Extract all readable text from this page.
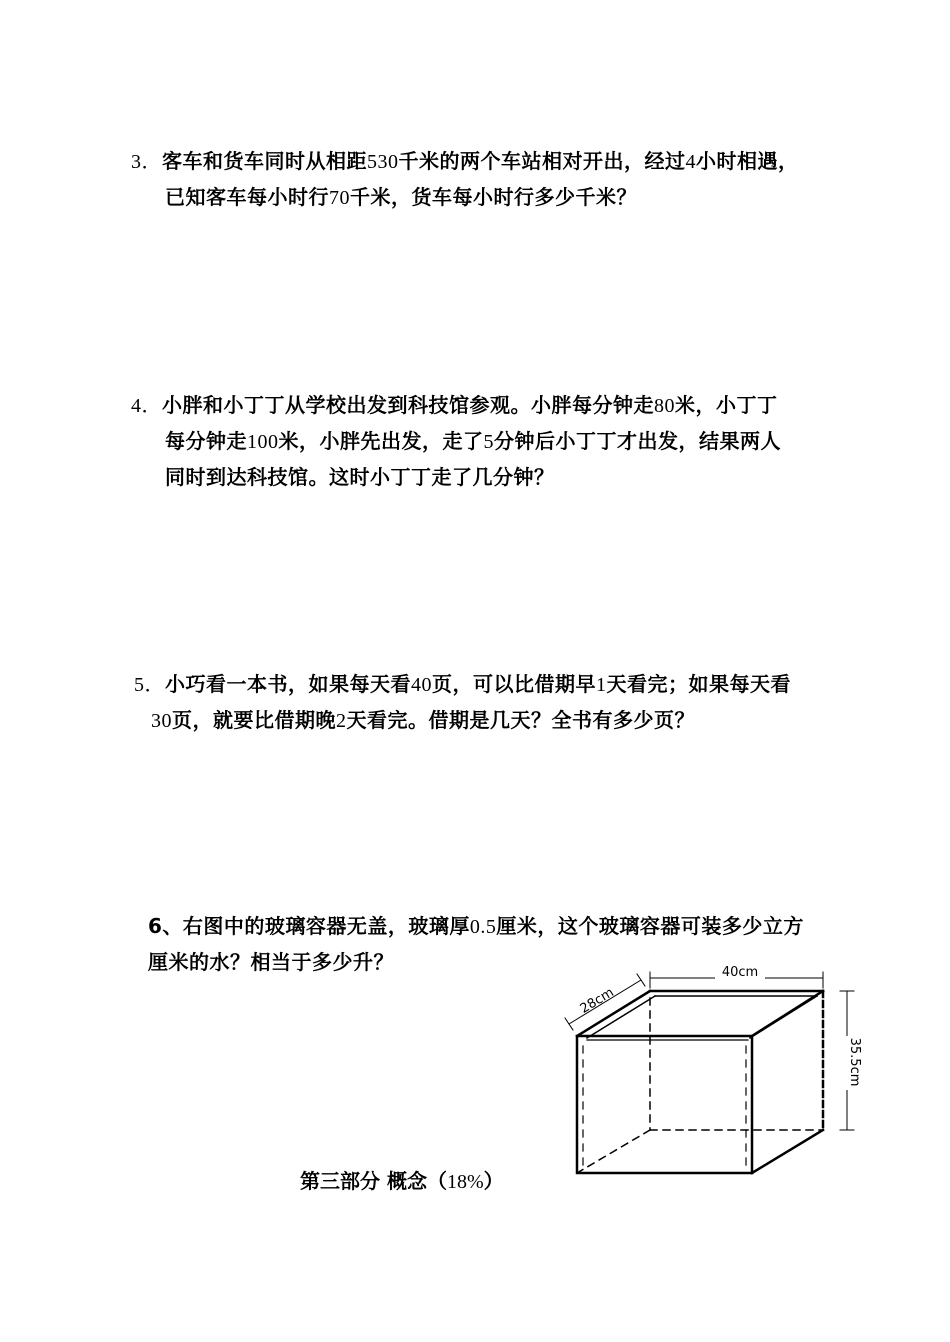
3．客车和货车同时从相距530千米的两个车站相对开出，经过4小时相遇，

已知客车每小时行70千米，货车每小时行多少千米？

4．小胖和小丁丁从学校出发到科技馆参观。小胖每分钟走80米，小丁丁

每分钟走100米，小胖先出发，走了5分钟后小丁丁才出发，结果两人

同时到达科技馆。这时小丁丁走了几分钟？

5．小巧看一本书，如果每天看40页，可以比借期早1天看完；如果每天看

30页，就要比借期晚2天看完。借期是几天？全书有多少页？

6、右图中的玻璃容器无盖，玻璃厚0.5厘米，这个玻璃容器可装多少立方

厘米的水？相当于多少升？	40cm
28cm
35.5cm
第三部分 概念（18%）
